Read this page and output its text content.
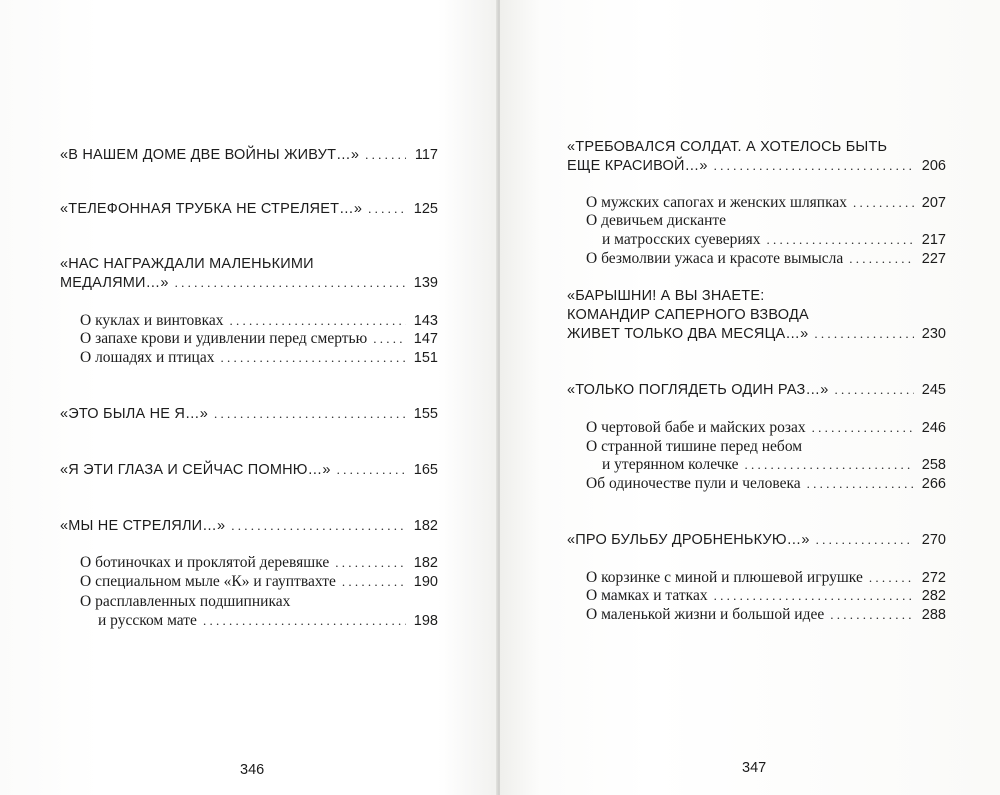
«В НАШЕМ ДОМЕ ДВЕ ВОЙНЫ ЖИВУТ…» . . .	117
«ТЕЛЕФОННАЯ ТРУБКА НЕ СТРЕЛЯЕТ…» . . .	125
«НАС НАГРАЖДАЛИ МАЛЕНЬКИМИ
МЕДАЛЯМИ…» . . .	139
О куклах и винтовках . . .	143
О запахе крови и удивлении перед смертью . . .	147
О лошадях и птицах . . .	151
«ЭТО БЫЛА НЕ Я…» . . .	155
«Я ЭТИ ГЛАЗА И СЕЙЧАС ПОМНЮ…» . . .	165
«МЫ НЕ СТРЕЛЯЛИ…» . . .	182
О ботиночках и проклятой деревяшке . . .	182
О специальном мыле «К» и гауптвахте . . .	190
О расплавленных подшипниках
и русском мате . . .	198
346
«ТРЕБОВАЛСЯ СОЛДАТ. А ХОТЕЛОСЬ БЫТЬ
ЕЩЕ КРАСИВОЙ…» . . .	206
О мужских сапогах и женских шляпках . . .	207
О девичьем дисканте
и матросских суевериях . . .	217
О безмолвии ужаса и красоте вымысла . . .	227
«БАРЫШНИ! А ВЫ ЗНАЕТЕ:
КОМАНДИР САПЕРНОГО ВЗВОДА
ЖИВЕТ ТОЛЬКО ДВА МЕСЯЦА…» . . .	230
«ТОЛЬКО ПОГЛЯДЕТЬ ОДИН РАЗ…» . . .	245
О чертовой бабе и майских розах . . .	246
О странной тишине перед небом
и утерянном колечке . . .	258
Об одиночестве пули и человека . . .	266
«ПРО БУЛЬБУ ДРОБНЕНЬКУЮ…» . . .	270
О корзинке с миной и плюшевой игрушке . . .	272
О мамках и татках . . .	282
О маленькой жизни и большой идее . . .	288
347
